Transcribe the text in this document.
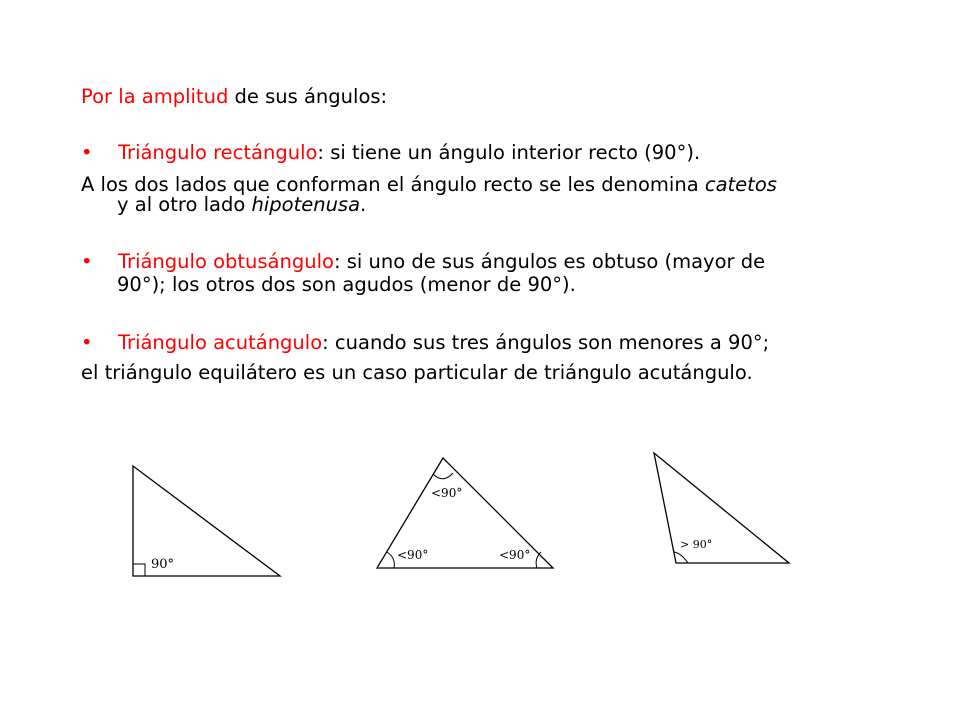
Por la amplitud de sus ángulos:
• Triángulo rectángulo: si tiene un ángulo interior recto (90°).
A los dos lados que conforman el ángulo recto se les denomina catetos
y al otro lado hipotenusa.
• Triángulo obtusángulo: si uno de sus ángulos es obtuso (mayor de
90°); los otros dos son agudos (menor de 90°).
• Triángulo acutángulo: cuando sus tres ángulos son menores a 90°;
el triángulo equilátero es un caso particular de triángulo acutángulo.
90°
<90°
<90°	<90°
> 90°
